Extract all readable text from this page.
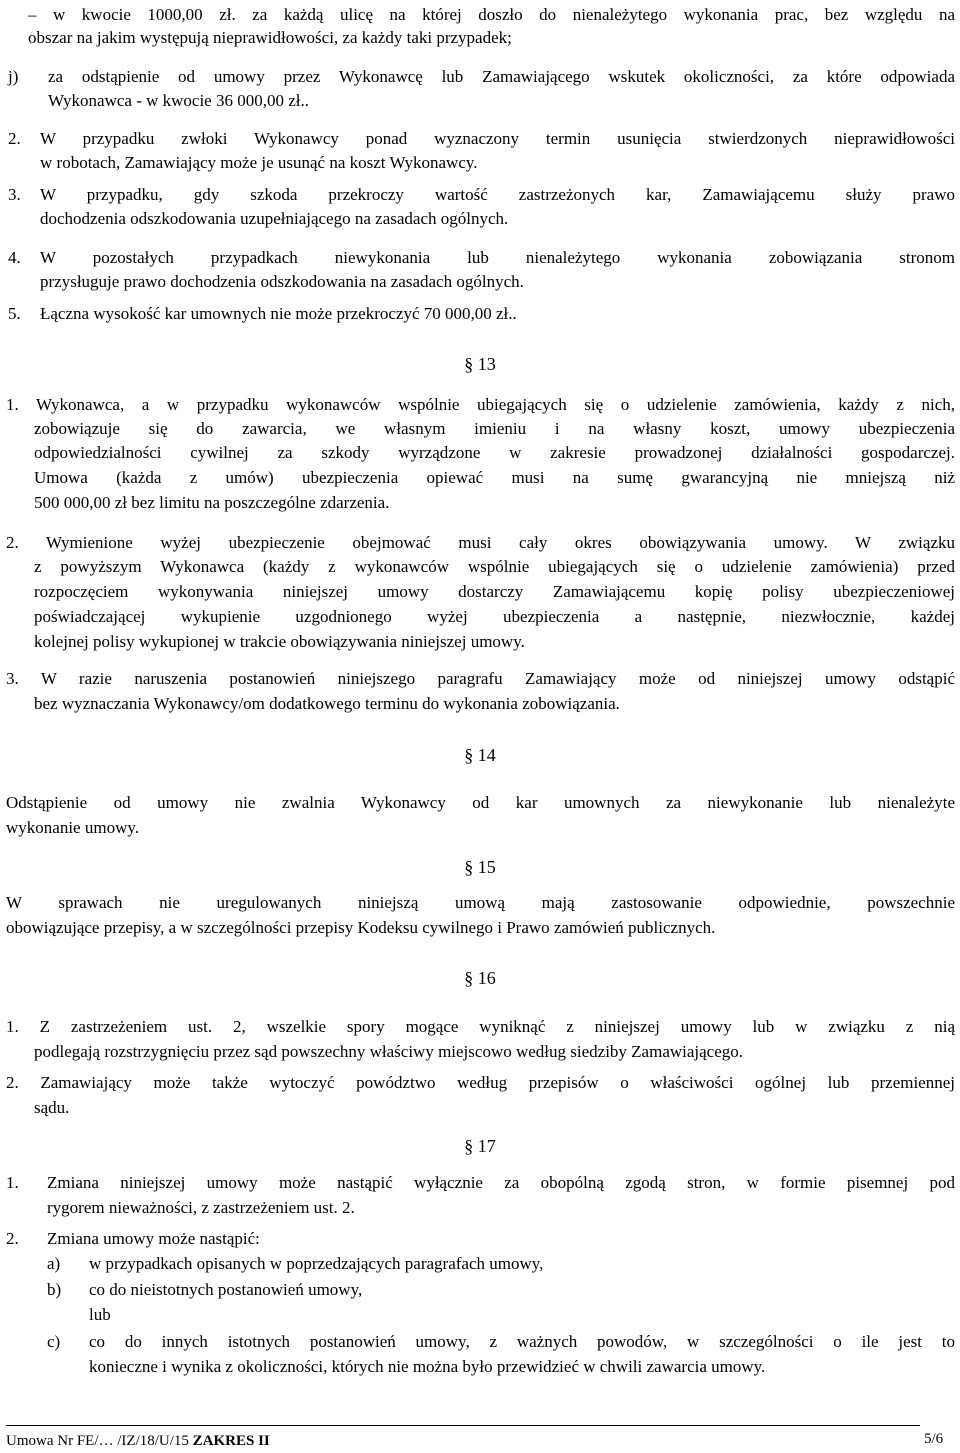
– w kwocie 1000,00 zł. za każdą ulicę na której doszło do nienależytego wykonania prac, bez względu na
obszar na jakim występują nieprawidłowości, za każdy taki przypadek;
j) za odstąpienie od umowy przez Wykonawcę lub Zamawiającego wskutek okoliczności, za które odpowiada
Wykonawca - w kwocie 36 000,00 zł..
2. W przypadku zwłoki Wykonawcy ponad wyznaczony termin usunięcia stwierdzonych nieprawidłowości
w robotach, Zamawiający może je usunąć na koszt Wykonawcy.
3. W przypadku, gdy szkoda przekroczy wartość zastrzeżonych kar, Zamawiającemu służy prawo
dochodzenia odszkodowania uzupełniającego na zasadach ogólnych.
4. W pozostałych przypadkach niewykonania lub nienależytego wykonania zobowiązania stronom
przysługuje prawo dochodzenia odszkodowania na zasadach ogólnych.
5. Łączna wysokość kar umownych nie może przekroczyć 70 000,00 zł..
§ 13
1. Wykonawca, a w przypadku wykonawców wspólnie ubiegających się o udzielenie zamówienia, każdy z nich,
zobowiązuje się do zawarcia, we własnym imieniu i na własny koszt, umowy ubezpieczenia
odpowiedzialności cywilnej za szkody wyrządzone w zakresie prowadzonej działalności gospodarczej.
Umowa (każda z umów) ubezpieczenia opiewać musi na sumę gwarancyjną nie mniejszą niż
500 000,00 zł bez limitu na poszczególne zdarzenia.
2. Wymienione wyżej ubezpieczenie obejmować musi cały okres obowiązywania umowy. W związku
z powyższym Wykonawca (każdy z wykonawców wspólnie ubiegających się o udzielenie zamówienia) przed
rozpoczęciem wykonywania niniejszej umowy dostarczy Zamawiającemu kopię polisy ubezpieczeniowej
poświadczającej wykupienie uzgodnionego wyżej ubezpieczenia a następnie, niezwłocznie, każdej
kolejnej polisy wykupionej w trakcie obowiązywania niniejszej umowy.
3. W razie naruszenia postanowień niniejszego paragrafu Zamawiający może od niniejszej umowy odstąpić
bez wyznaczania Wykonawcy/om dodatkowego terminu do wykonania zobowiązania.
§ 14
Odstąpienie od umowy nie zwalnia Wykonawcy od kar umownych za niewykonanie lub nienależyte
wykonanie umowy.
§ 15
W sprawach nie uregulowanych niniejszą umową mają zastosowanie odpowiednie, powszechnie
obowiązujące przepisy, a w szczególności przepisy Kodeksu cywilnego i Prawo zamówień publicznych.
§ 16
1. Z zastrzeżeniem ust. 2, wszelkie spory mogące wyniknąć z niniejszej umowy lub w związku z nią
podlegają rozstrzygnięciu przez sąd powszechny właściwy miejscowo według siedziby Zamawiającego.
2. Zamawiający może także wytoczyć powództwo według przepisów o właściwości ogólnej lub przemiennej
sądu.
§ 17
1. Zmiana niniejszej umowy może nastąpić wyłącznie za obopólną zgodą stron, w formie pisemnej pod
rygorem nieważności, z zastrzeżeniem ust. 2.
2. Zmiana umowy może nastąpić:
a) w przypadkach opisanych w poprzedzających paragrafach umowy,
b) co do nieistotnych postanowień umowy,
lub
c) co do innych istotnych postanowień umowy, z ważnych powodów, w szczególności o ile jest to
konieczne i wynika z okoliczności, których nie można było przewidzieć w chwili zawarcia umowy.
Umowa Nr FE/… /IZ/18/U/15 ZAKRES II	5/6
